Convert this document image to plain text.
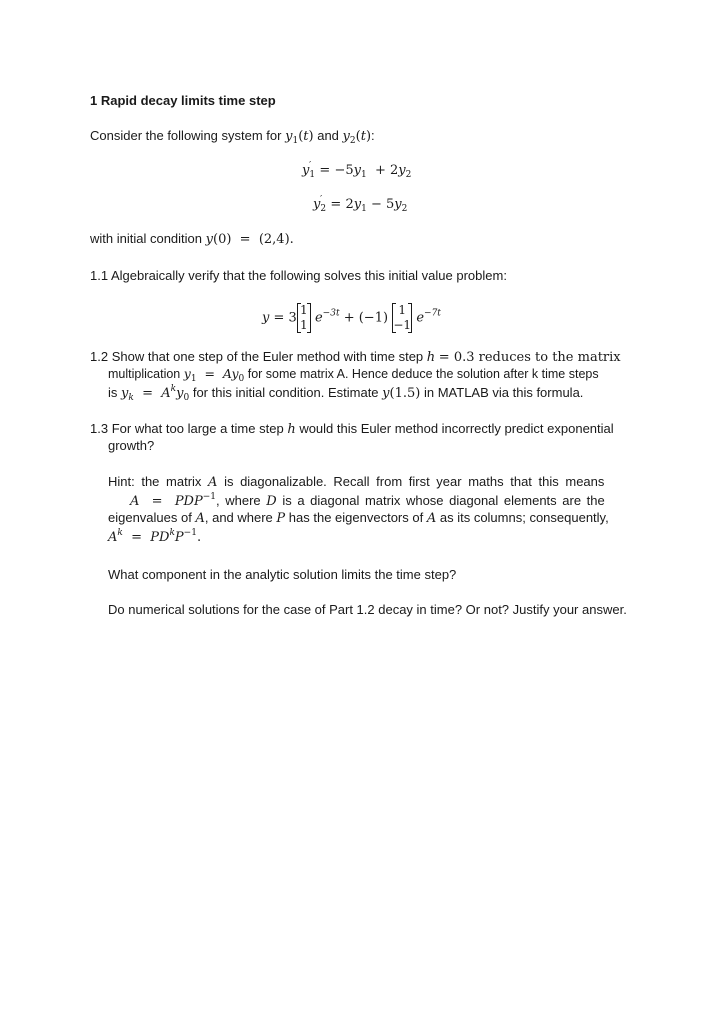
1 Rapid decay limits time step
Consider the following system for $y_1(t)$ and $y_2(t)$:
$y_1' = -5y_1 + 2y_2$
$y_2' = 2y_1 - 5y_2$
with initial condition y(0)  =  (2,4).
1.1 Algebraically verify that the following solves this initial value problem:
y = 3
1
1 $e^{-3t} + (-1)$
1
−1 $e^{-7t}$
1.2 Show that one step of the Euler method with time step h = 0.3 reduces to the matrix
multiplication $y_1 = Ay_0$ for some matrix A. Hence deduce the solution after k time steps
is $y_k = A^ky_0$ for this initial condition. Estimate y(1.5) in MATLAB via this formula.
1.3 For what too large a time step h would this Euler method incorrectly predict exponential
growth?
Hint: the matrix A is diagonalizable. Recall from first year maths that this means
$A = PDP^{-1}$, where D is a diagonal matrix whose diagonal elements are the
eigenvalues of A, and where P has the eigenvectors of A as its columns; consequently,
$A^k = PD^kP^{-1}$.
What component in the analytic solution limits the time step?
Do numerical solutions for the case of Part 1.2 decay in time? Or not? Justify your answer.
